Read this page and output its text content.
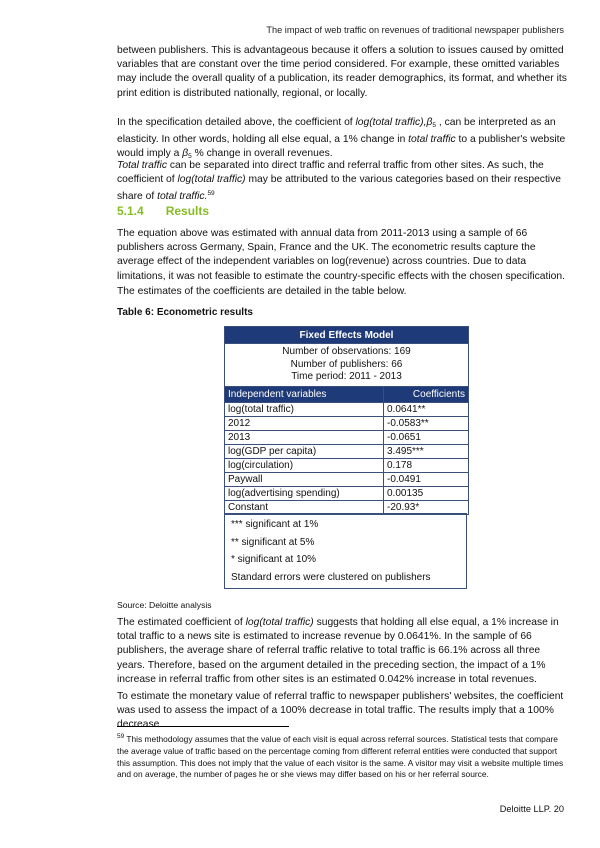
The impact of web traffic on revenues of traditional newspaper publishers
between publishers. This is advantageous because it offers a solution to issues caused by omitted variables that are constant over the time period considered. For example, these omitted variables may include the overall quality of a publication, its reader demographics, its format, and whether its print edition is distributed nationally, regional, or locally.
In the specification detailed above, the coefficient of log(total $traffic),\beta_5$ , can be interpreted as an elasticity. In other words, holding all else equal, a 1% change in total traffic to a publisher's website would imply a $\beta_5$ % change in overall revenues.
Total traffic can be separated into direct traffic and referral traffic from other sites. As such, the coefficient of log(total traffic) may be attributed to the various categories based on their respective share of total traffic.$^{59}$
5.1.4 Results
The equation above was estimated with annual data from 2011-2013 using a sample of 66 publishers across Germany, Spain, France and the UK. The econometric results capture the average effect of the independent variables on log(revenue) across countries. Due to data limitations, it was not feasible to estimate the country-specific effects with the chosen specification.
The estimates of the coefficients are detailed in the table below.
Table 6: Econometric results
Fixed Effects Model	

Number of observations: 169
Number of publishers: 66
Time period: 2011 - 2013	

Independent variables	Coefficients
log(total traffic)	0.0641**
2012	-0.0583**
2013	-0.0651
log(GDP per capita)	3.495***
log(circulation)	0.178
Paywall	-0.0491
log(advertising spending)	0.00135
Constant	-20.93*
*** significant at 1%
** significant at 5%
* significant at 10%
Standard errors were clustered on publishers
Source: Deloitte analysis
The estimated coefficient of log(total traffic) suggests that holding all else equal, a 1% increase in total traffic to a news site is estimated to increase revenue by 0.0641%. In the sample of 66 publishers, the average share of referral traffic relative to total traffic is 66.1% across all three years. Therefore, based on the argument detailed in the preceding section, the impact of a 1% increase in referral traffic from other sites is an estimated 0.042% increase in total revenues.
To estimate the monetary value of referral traffic to newspaper publishers' websites, the coefficient was used to assess the impact of a 100% decrease in total traffic. The results imply that a 100% decrease
$^{59}$ This methodology assumes that the value of each visit is equal across referral sources. Statistical tests that compare the average value of traffic based on the percentage coming from different referral entities were conducted that support this assumption. This does not imply that the value of each visitor is the same. A visitor may visit a website multiple times and on average, the number of pages he or she views may differ based on his or her referral source.
Deloitte LLP. 20
